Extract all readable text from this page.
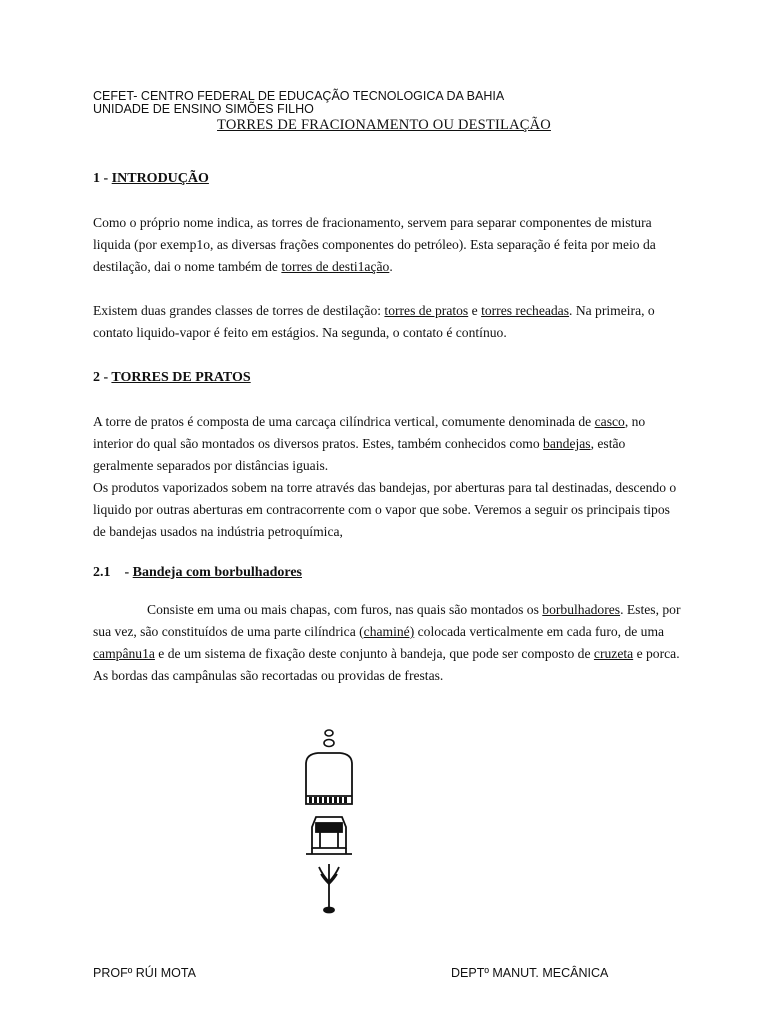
CEFET- CENTRO FEDERAL DE EDUCAÇÃO TECNOLOGICA DA BAHIA
UNIDADE DE ENSINO SIMÕES FILHO
TORRES DE FRACIONAMENTO OU DESTILAÇÃO
1 - INTRODUÇÃO

Como o próprio nome indica, as torres de fracionamento, servem para separar componentes de mistura liquida (por exemp1o, as diversas frações componentes do petróleo). Esta separação é feita por meio da destilação, dai o nome também de torres de desti1ação.

Existem duas grandes classes de torres de destilação: torres de pratos e torres recheadas. Na primeira, o contato liquido-vapor é feito em estágios. Na segunda, o contato é contínuo.

2 - TORRES DE PRATOS

A torre de pratos é composta de uma carcaça cilíndrica vertical, comumente denominada de casco, no interior do qual são montados os diversos pratos. Estes, também conhecidos como bandejas, estão geralmente separados por distâncias iguais.

Os produtos vaporizados sobem na torre através das bandejas, por aberturas para tal destinadas, descendo o liquido por outras aberturas em contracorrente com o vapor que sobe. Veremos a seguir os principais tipos de bandejas usados na indústria petroquímica,

2.1    - Bandeja com borbulhadores

Consiste em uma ou mais chapas, com furos, nas quais são montados os borbulhadores. Estes, por sua vez, são constituídos de uma parte cilíndrica (chaminé) colocada verticalmente em cada furo, de uma campânu1a e de um sistema de fixação deste conjunto à bandeja, que pode ser composto de cruzeta e porca. As bordas das campânulas são recortadas ou providas de frestas.

PROFº RÚI MOTA	DEPTº MANUT. MECÂNICA
